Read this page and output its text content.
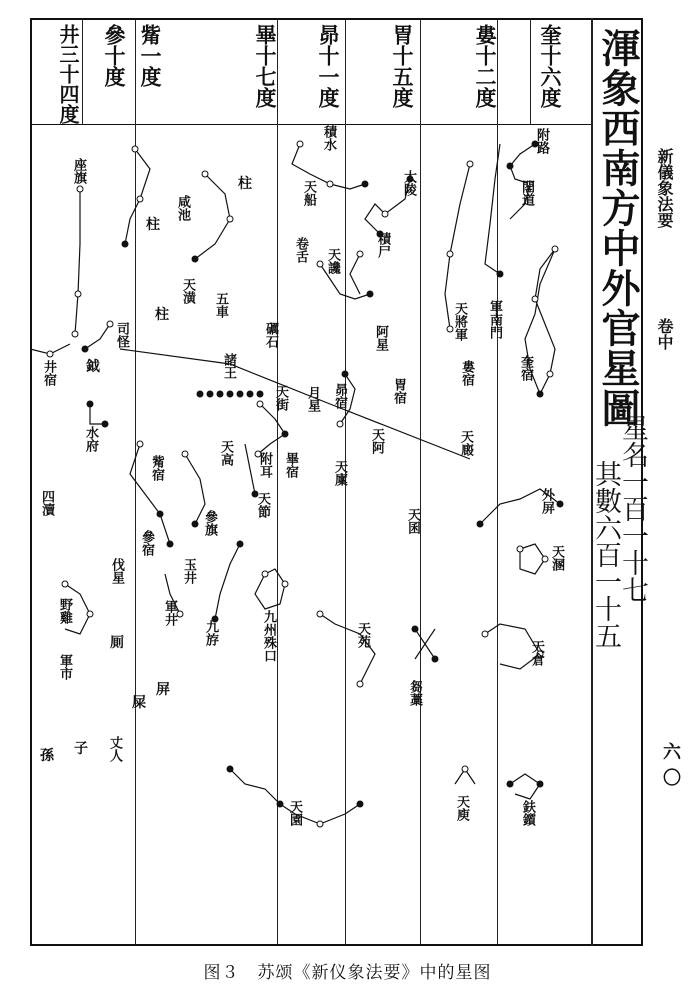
奎十六度
婁十二度
胃十五度
昴十一度
畢十七度
觜一度
參十度
井三十四度	渾象西南方中外官星圖
其數六百一十五
星名一百一十七
新儀象法要
卷中
六〇
附路
閣道
奎宿
天將軍 軍南門
婁宿
大陵
積尸
胃宿
阿星
天船
積水
卷舌 天讒
天阿
昴宿
月星
天街
諸王
五車
柱
柱
柱
咸池
天潢
礪石
畢宿
天高 附耳	天廩
天節
天苑
天囷
芻藁
九斿	九州殊口
天園
天倉
鈇鑕
天庾
外屏
天溷
天廄
座旗
司怪
鉞
井宿
水府
觜宿
參宿
參旗
玉井
伐星
軍井
四瀆
野雞
軍市
厠
屏
屎
孫 子 丈人
图３　苏颂《新仪象法要》中的星图
